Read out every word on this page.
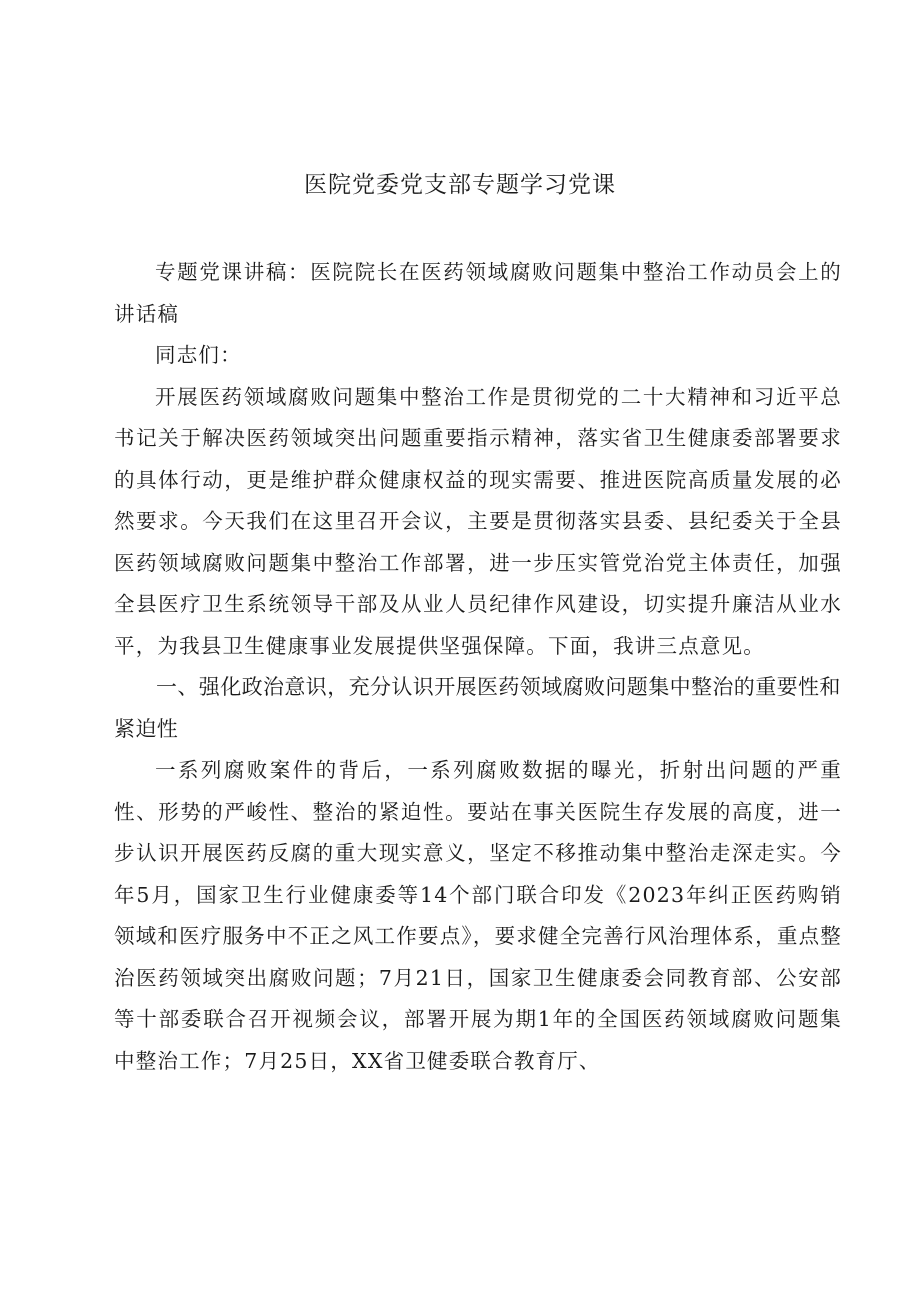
医院党委党支部专题学习党课

专题党课讲稿：医院院长在医药领域腐败问题集中整治工作动员会上的讲话稿

同志们：

开展医药领域腐败问题集中整治工作是贯彻党的二十大精神和习近平总书记关于解决医药领域突出问题重要指示精神，落实省卫生健康委部署要求的具体行动，更是维护群众健康权益的现实需要、推进医院高质量发展的必然要求。今天我们在这里召开会议，主要是贯彻落实县委、县纪委关于全县医药领域腐败问题集中整治工作部署，进一步压实管党治党主体责任，加强全县医疗卫生系统领导干部及从业人员纪律作风建设，切实提升廉洁从业水平，为我县卫生健康事业发展提供坚强保障。下面，我讲三点意见。

一、强化政治意识，充分认识开展医药领域腐败问题集中整治的重要性和紧迫性

一系列腐败案件的背后，一系列腐败数据的曝光，折射出问题的严重性、形势的严峻性、整治的紧迫性。要站在事关医院生存发展的高度，进一步认识开展医药反腐的重大现实意义，坚定不移推动集中整治走深走实。今年5月，国家卫生行业健康委等14个部门联合印发《2023年纠正医药购销领域和医疗服务中不正之风工作要点》，要求健全完善行风治理体系，重点整治医药领域突出腐败问题；7月21日，国家卫生健康委会同教育部、公安部等十部委联合召开视频会议，部署开展为期1年的全国医药领域腐败问题集中整治工作；7月25日，XX省卫健委联合教育厅、
